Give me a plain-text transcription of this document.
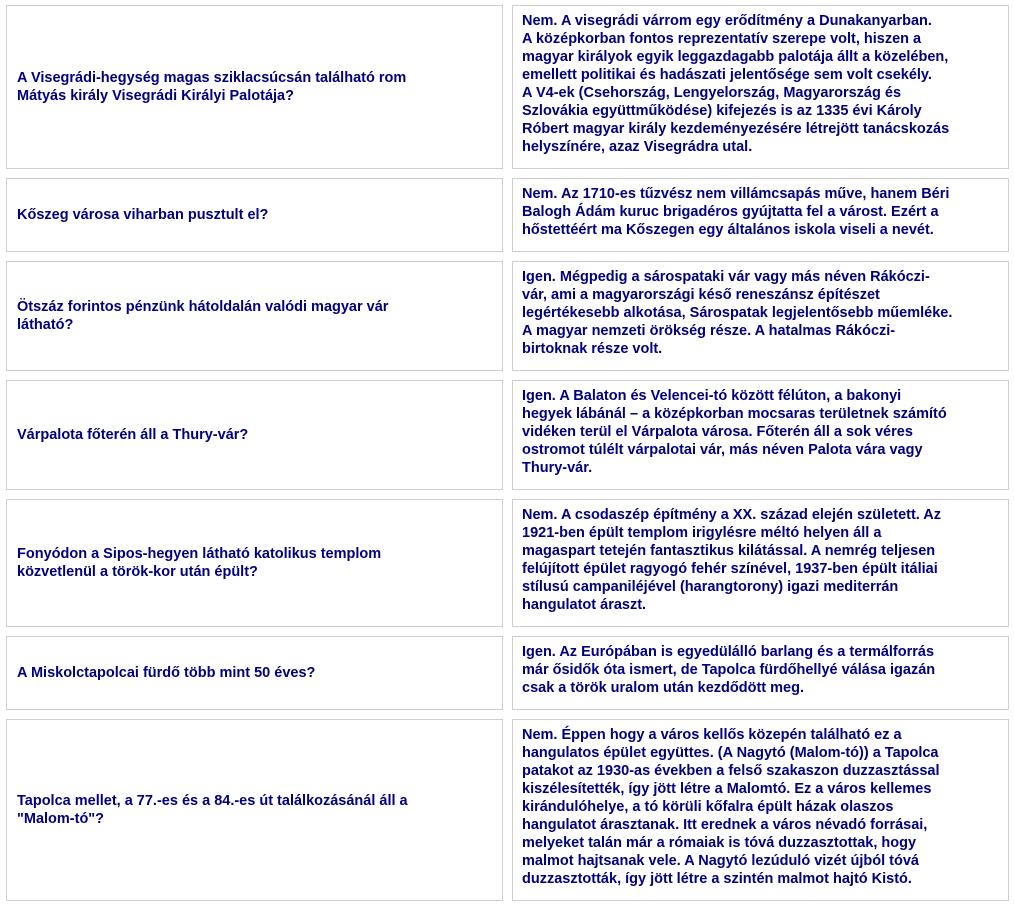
A Visegrádi-hegység magas sziklacsúcsán található rom
Mátyás király Visegrádi Királyi Palotája?
Nem. A visegrádi várrom egy erődítmény a Dunakanyarban.
A középkorban fontos reprezentatív szerepe volt, hiszen a
magyar királyok egyik leggazdagabb palotája állt a közelében,
emellett politikai és hadászati jelentősége sem volt csekély.
A V4-ek (Csehország, Lengyelország, Magyarország és
Szlovákia együttműködése) kifejezés is az 1335 évi Károly
Róbert magyar király kezdeményezésére létrejött tanácskozás
helyszínére, azaz Visegrádra utal.
Kőszeg városa viharban pusztult el?
Nem. Az 1710-es tűzvész nem villámcsapás műve, hanem Béri
Balogh Ádám kuruc brigadéros gyújtatta fel a várost. Ezért a
hőstettéért ma Kőszegen egy általános iskola viseli a nevét.
Ötszáz forintos pénzünk hátoldalán valódi magyar vár
látható?
Igen. Mégpedig a sárospataki vár vagy más néven Rákóczi-
vár, ami a magyarországi késő reneszánsz építészet
legértékesebb alkotása, Sárospatak legjelentősebb műemléke.
A magyar nemzeti örökség része. A hatalmas Rákóczi-
birtoknak része volt.
Várpalota főterén áll a Thury-vár?
Igen. A Balaton és Velencei-tó között félúton, a bakonyi
hegyek lábánál – a középkorban mocsaras területnek számító
vidéken terül el Várpalota városa. Főterén áll a sok véres
ostromot túlélt várpalotai vár, más néven Palota vára vagy
Thury-vár.
Fonyódon a Sipos-hegyen látható katolikus templom
közvetlenül a török-kor után épült?
Nem. A csodaszép építmény a XX. század elején született. Az
1921-ben épült templom irigylésre méltó helyen áll a
magaspart tetején fantasztikus kilátással. A nemrég teljesen
felújított épület ragyogó fehér színével, 1937-ben épült itáliai
stílusú campaniléjével (harangtorony) igazi mediterrán
hangulatot áraszt.
A Miskolctapolcai fürdő több mint 50 éves?
Igen. Az Európában is egyedülálló barlang és a termálforrás
már ősidők óta ismert, de Tapolca fürdőhellyé válása igazán
csak a török uralom után kezdődött meg.
Tapolca mellet, a 77.-es és a 84.-es út találkozásánál áll a
"Malom-tó"?
Nem. Éppen hogy a város kellős közepén található ez a
hangulatos épület együttes. (A Nagytó (Malom-tó)) a Tapolca
patakot az 1930-as években a felső szakaszon duzzasztással
kiszélesítették, így jött létre a Malomtó. Ez a város kellemes
kirándulóhelye, a tó körüli kőfalra épült házak olaszos
hangulatot árasztanak. Itt erednek a város névadó forrásai,
melyeket talán már a rómaiak is tóvá duzzasztottak, hogy
malmot hajtsanak vele. A Nagytó lezúduló vizét újból tóvá
duzzasztották, így jött létre a szintén malmot hajtó Kistó.
